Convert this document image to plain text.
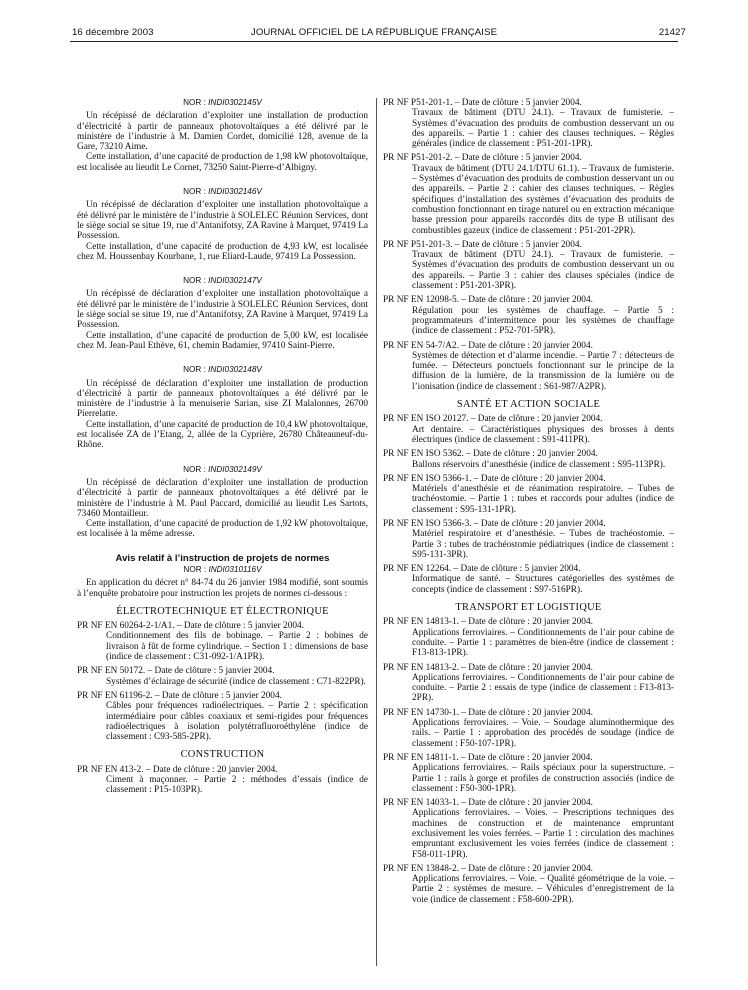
16 décembre 2003	JOURNAL OFFICIEL DE LA RÉPUBLIQUE FRANÇAISE	21427
NOR : INDI0302145V

Un récépissé de déclaration d’exploiter une installation de production d’électricité à partir de panneaux photovoltaïques a été délivré par le ministère de l’industrie à M. Damien Cordet, domicilié 128, avenue de la Gare, 73210 Aime.

Cette installation, d’une capacité de production de 1,98 kW photovoltaïque, est localisée au lieudit Le Cornet, 73250 Saint-Pierre-d’Albigny.

NOR : INDI0302146V

Un récépissé de déclaration d’exploiter une installation photovoltaïque a été délivré par le ministère de l’industrie à SOLELEC Réunion Services, dont le siège social se situe 19, rue d’Antanifotsy, ZA Ravine à Marquet, 97419 La Possession.

Cette installation, d’une capacité de production de 4,93 kW, est localisée chez M. Houssenbay Kourbane, 1, rue Eliard-Laude, 97419 La Possession.

NOR : INDI0302147V

Un récépissé de déclaration d’exploiter une installation photovoltaïque a été délivré par le ministère de l’industrie à SOLELEC Réunion Services, dont le siège social se situe 19, rue d’Antanifotsy, ZA Ravine à Marquet, 97419 La Possession.

Cette installation, d’une capacité de production de 5,00 kW, est localisée chez M. Jean-Paul Ethève, 61, chemin Badamier, 97410 Saint-Pierre.

NOR : INDI0302148V

Un récépissé de déclaration d’exploiter une installation de production d’électricité à partir de panneaux photovoltaïques a été délivré par le ministère de l’industrie à la menuiserie Sarian, sise ZI Malalonnes, 26700 Pierrelatte.

Cette installation, d’une capacité de production de 10,4 kW photovoltaïque, est localisée ZA de l’Etang, 2, allée de la Cyprière, 26780 Châteauneuf-du-Rhône.

NOR : INDI0302149V

Un récépissé de déclaration d’exploiter une installation de production d’électricité à partir de panneaux photovoltaïques a été délivré par le ministère de l’industrie à M. Paul Paccard, domicilié au lieudit Les Sartots, 73460 Montailleur.

Cette installation, d’une capacité de production de 1,92 kW photovoltaïque, est localisée à la même adresse.

Avis relatif à l’instruction de projets de normes
NOR : INDI0310116V

En application du décret n° 84-74 du 26 janvier 1984 modifié, sont soumis à l’enquête probatoire pour instruction les projets de normes ci-dessous :

ÉLECTROTECHNIQUE ET ÉLECTRONIQUE

PR NF EN 60264-2-1/A1. – Date de clôture : 5 janvier 2004.

Conditionnement des fils de bobinage. – Partie 2 : bobines de livraison à fût de forme cylindrique. – Section 1 : dimensions de base (indice de classement : C31-092-1/A1PR).

PR NF EN 50172. – Date de clôture : 5 janvier 2004.

Systèmes d’éclairage de sécurité (indice de classement : C71-822PR).

PR NF EN 61196-2. – Date de clôture : 5 janvier 2004.

Câbles pour fréquences radioélectriques. – Partie 2 : spécification intermédiaire pour câbles coaxiaux et semi-rigides pour fréquences radioélectriques à isolation polytétrafluoroéthylène (indice de classement : C93-585-2PR).

CONSTRUCTION

PR NF EN 413-2. – Date de clôture : 20 janvier 2004.

Ciment à maçonner. – Partie 2 : méthodes d’essais (indice de classement : P15-103PR).

PR NF P51-201-1. – Date de clôture : 5 janvier 2004.

Travaux de bâtiment (DTU 24.1). – Travaux de fumisterie. – Systèmes d’évacuation des produits de combustion desservant un ou des appareils. – Partie 1 : cahier des clauses techniques. – Règles générales (indice de classement : P51-201-1PR).

PR NF P51-201-2. – Date de clôture : 5 janvier 2004.

Travaux de bâtiment (DTU 24.1/DTU 61.1). – Travaux de fumisterie. – Systèmes d’évacuation des produits de combustion desservant un ou des appareils. – Partie 2 : cahier des clauses techniques. – Règles spécifiques d’installation des systèmes d’évacuation des produits de combustion fonctionnant en tirage naturel ou en extraction mécanique basse pression pour appareils raccordés dits de type B utilisant des combustibles gazeux (indice de classement : P51-201-2PR).

PR NF P51-201-3. – Date de clôture : 5 janvier 2004.

Travaux de bâtiment (DTU 24.1). – Travaux de fumisterie. – Systèmes d’évacuation des produits de combustion desservant un ou des appareils. – Partie 3 : cahier des clauses spéciales (indice de classement : P51-201-3PR).

PR NF EN 12098-5. – Date de clôture : 20 janvier 2004.

Régulation pour les systèmes de chauffage. – Partie 5 : programmateurs d’intermittence pour les systèmes de chauffage (indice de classement : P52-701-5PR).

PR NF EN 54-7/A2. – Date de clôture : 20 janvier 2004.

Systèmes de détection et d’alarme incendie. – Partie 7 : détecteurs de fumée. – Détecteurs ponctuels fonctionnant sur le principe de la diffusion de la lumière, de la transmission de la lumière ou de l’ionisation (indice de classement : S61-987/A2PR).

SANTÉ ET ACTION SOCIALE

PR NF EN ISO 20127. – Date de clôture : 20 janvier 2004.

Art dentaire. – Caractéristiques physiques des brosses à dents électriques (indice de classement : S91-411PR).

PR NF EN ISO 5362. – Date de clôture : 20 janvier 2004.

Ballons réservoirs d’anesthésie (indice de classement : S95-113PR).

PR NF EN ISO 5366-1. – Date de clôture : 20 janvier 2004.

Matériels d’anesthésie et de réanimation respiratoire. – Tubes de trachéostomie. – Partie 1 : tubes et raccords pour adultes (indice de classement : S95-131-1PR).

PR NF EN ISO 5366-3. – Date de clôture : 20 janvier 2004.

Matériel respiratoire et d’anesthésie. – Tubes de trachéostomie. – Partie 3 : tubes de trachéostomie pédiatriques (indice de classement : S95-131-3PR).

PR NF EN 12264. – Date de clôture : 5 janvier 2004.

Informatique de santé. – Structures catégorielles des systèmes de concepts (indice de classement : S97-516PR).

TRANSPORT ET LOGISTIQUE

PR NF EN 14813-1. – Date de clôture : 20 janvier 2004.

Applications ferroviaires. – Conditionnements de l’air pour cabine de conduite. – Partie 1 : paramètres de bien-être (indice de classement : F13-813-1PR).

PR NF EN 14813-2. – Date de clôture : 20 janvier 2004.

Applications ferroviaires. – Conditionnements de l’air pour cabine de conduite. – Partie 2 : essais de type (indice de classement : F13-813-2PR).

PR NF EN 14730-1. – Date de clôture : 20 janvier 2004.

Applications ferroviaires. – Voie. – Soudage aluminothermique des rails. – Partie 1 : approbation des procédés de soudage (indice de classement : F50-107-1PR).

PR NF EN 14811-1. – Date de clôture : 20 janvier 2004.

Applications ferroviaires. – Rails spéciaux pour la superstructure. – Partie 1 : rails à gorge et profiles de construction associés (indice de classement : F50-300-1PR).

PR NF EN 14033-1. – Date de clôture : 20 janvier 2004.

Applications ferroviaires. – Voies. – Prescriptions techniques des machines de construction et de maintenance empruntant exclusivement les voies ferrées. – Partie 1 : circulation des machines empruntant exclusivement les voies ferrées (indice de classement : F58-011-1PR).

PR NF EN 13848-2. – Date de clôture : 20 janvier 2004.

Applications ferroviaires. – Voie. – Qualité géométrique de la voie. – Partie 2 : systèmes de mesure. – Véhicules d’enregistrement de la voie (indice de classement : F58-600-2PR).
